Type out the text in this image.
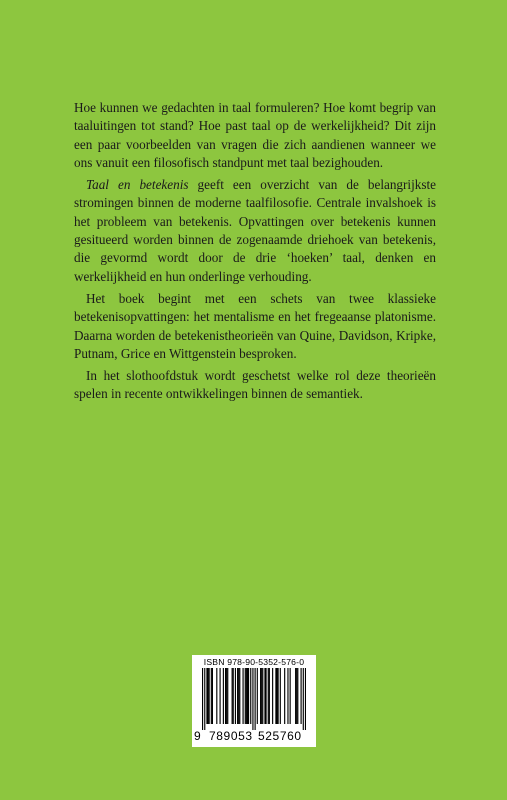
Hoe kunnen we gedachten in taal formuleren? Hoe komt begrip van taaluitingen tot stand? Hoe past taal op de werkelijkheid? Dit zijn een paar voorbeelden van vragen die zich aandienen wanneer we ons vanuit een filosofisch standpunt met taal bezighouden.

Taal en betekenis geeft een overzicht van de belangrijkste stromingen binnen de moderne taalfilosofie. Centrale invalshoek is het probleem van betekenis. Opvattingen over betekenis kunnen gesitueerd worden binnen de zogenaamde driehoek van betekenis, die gevormd wordt door de drie ‘hoeken’ taal, denken en werkelijkheid en hun onderlinge verhouding.

Het boek begint met een schets van twee klassieke betekenisopvattingen: het mentalisme en het fregeaanse platonisme. Daarna worden de betekenistheorieën van Quine, Davidson, Kripke, Putnam, Grice en Wittgenstein besproken.

In het slothoofdstuk wordt geschetst welke rol deze theorieën spelen in recente ontwikkelingen binnen de semantiek.

ISBN 978-90-5352-576-0
9 789053 525760
